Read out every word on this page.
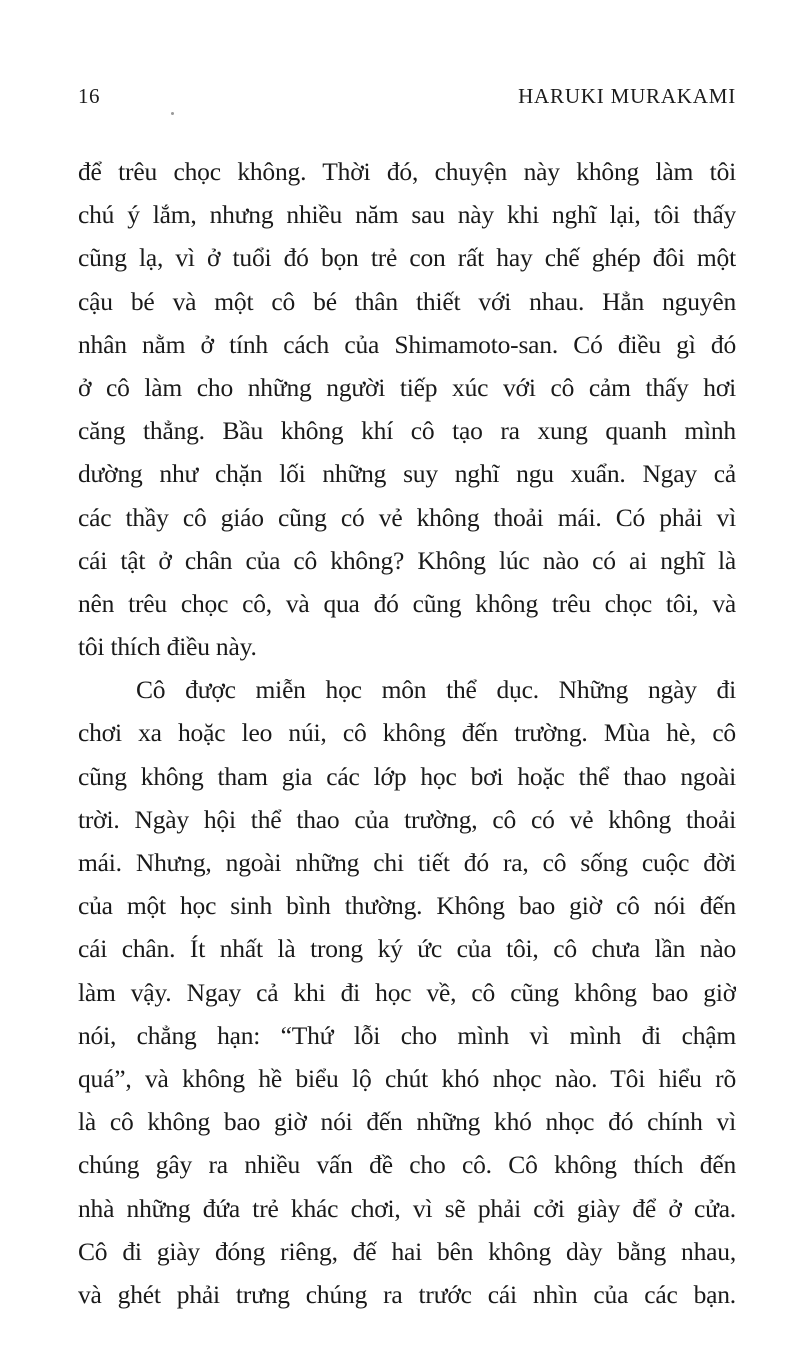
16	HARUKI MURAKAMI
để trêu chọc không. Thời đó, chuyện này không làm tôi
chú ý lắm, nhưng nhiều năm sau này khi nghĩ lại, tôi thấy
cũng lạ, vì ở tuổi đó bọn trẻ con rất hay chế ghép đôi một
cậu bé và một cô bé thân thiết với nhau. Hẳn nguyên
nhân nằm ở tính cách của Shimamoto-san. Có điều gì đó
ở cô làm cho những người tiếp xúc với cô cảm thấy hơi
căng thẳng. Bầu không khí cô tạo ra xung quanh mình
dường như chặn lối những suy nghĩ ngu xuẩn. Ngay cả
các thầy cô giáo cũng có vẻ không thoải mái. Có phải vì
cái tật ở chân của cô không? Không lúc nào có ai nghĩ là
nên trêu chọc cô, và qua đó cũng không trêu chọc tôi, và
tôi thích điều này.
Cô được miễn học môn thể dục. Những ngày đi
chơi xa hoặc leo núi, cô không đến trường. Mùa hè, cô
cũng không tham gia các lớp học bơi hoặc thể thao ngoài
trời. Ngày hội thể thao của trường, cô có vẻ không thoải
mái. Nhưng, ngoài những chi tiết đó ra, cô sống cuộc đời
của một học sinh bình thường. Không bao giờ cô nói đến
cái chân. Ít nhất là trong ký ức của tôi, cô chưa lần nào
làm vậy. Ngay cả khi đi học về, cô cũng không bao giờ
nói, chẳng hạn: “Thứ lỗi cho mình vì mình đi chậm
quá”, và không hề biểu lộ chút khó nhọc nào. Tôi hiểu rõ
là cô không bao giờ nói đến những khó nhọc đó chính vì
chúng gây ra nhiều vấn đề cho cô. Cô không thích đến
nhà những đứa trẻ khác chơi, vì sẽ phải cởi giày để ở cửa.
Cô đi giày đóng riêng, đế hai bên không dày bằng nhau,
và ghét phải trưng chúng ra trước cái nhìn của các bạn.
